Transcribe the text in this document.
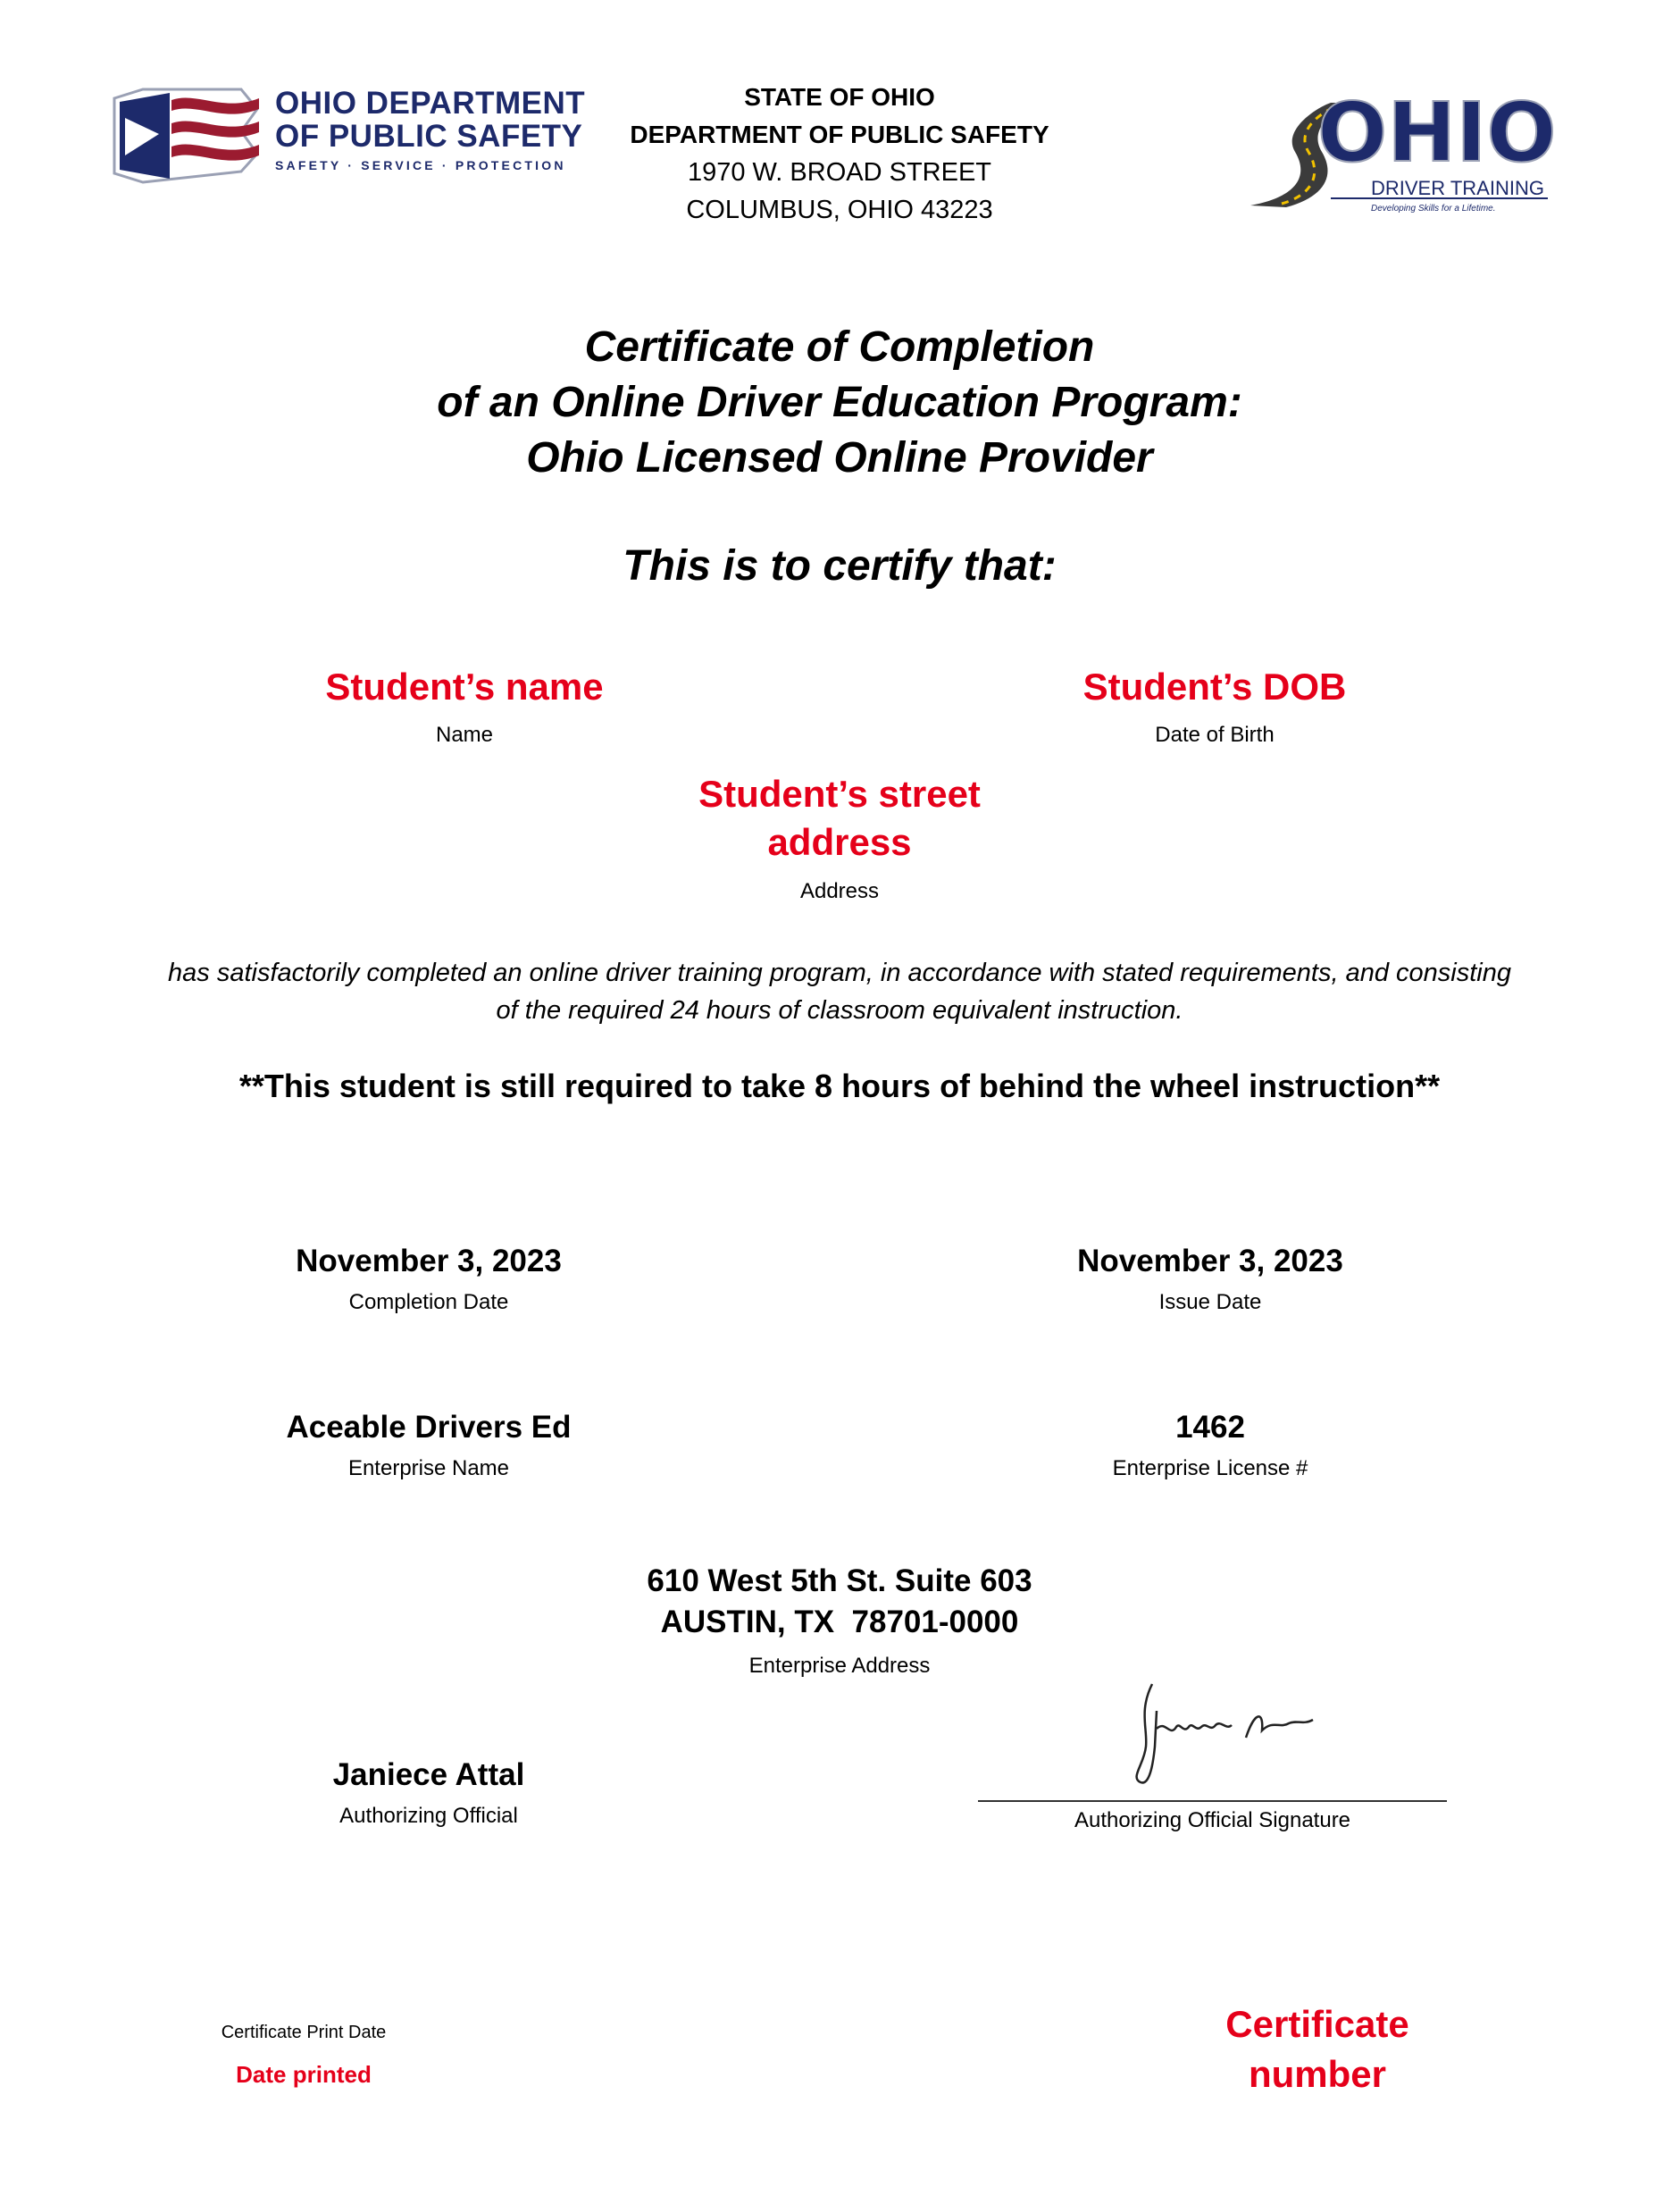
OHIO DEPARTMENT
OF PUBLIC SAFETY
SAFETY · SERVICE · PROTECTION
STATE OF OHIO
DEPARTMENT OF PUBLIC SAFETY
1970 W. BROAD STREET
COLUMBUS, OHIO 43223
OHIO
DRIVER TRAINING
Developing Skills for a Lifetime.
Certificate of Completion
of an Online Driver Education Program:
Ohio Licensed Online Provider
This is to certify that:
Student’s name
Name
Student’s DOB
Date of Birth
Student’s street
address
Address
has satisfactorily completed an online driver training program, in accordance with stated requirements, and consisting
of the required 24 hours of classroom equivalent instruction.
**This student is still required to take 8 hours of behind the wheel instruction**
November 3, 2023
Completion Date
November 3, 2023
Issue Date
Aceable Drivers Ed
Enterprise Name
1462
Enterprise License #
610 West 5th St. Suite 603
AUSTIN, TX  78701-0000
Enterprise Address
Janiece Attal
Authorizing Official	Authorizing Official Signature
Certificate Print Date
Date printed
Certificate
number
